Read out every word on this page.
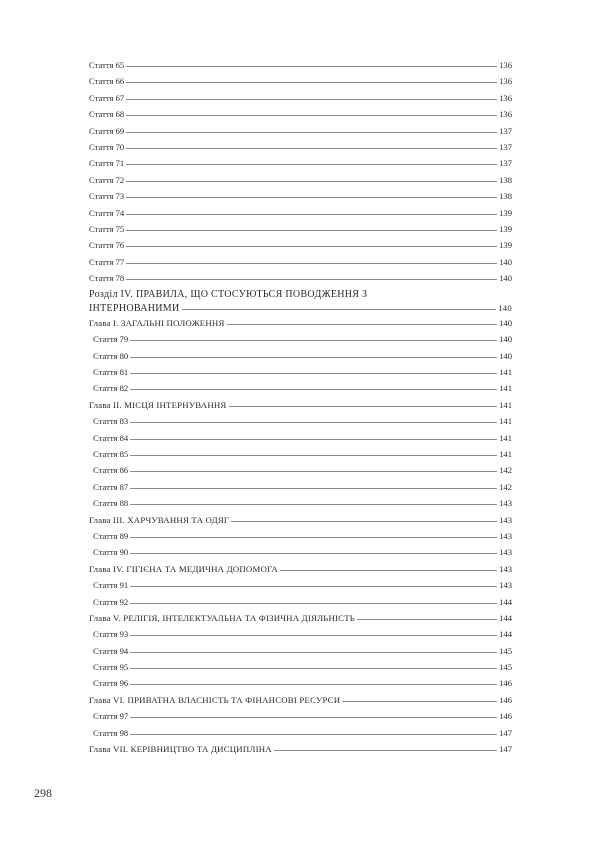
Стаття 65	136
Стаття 66	136
Стаття 67	136
Стаття 68	136
Стаття 69	137
Стаття 70	137
Стаття 71	137
Стаття 72	138
Стаття 73	138
Стаття 74	139
Стаття 75	139
Стаття 76	139
Стаття 77	140
Стаття 78	140
Розділ IV. ПРАВИЛА, ЩО СТОСУЮТЬСЯ ПОВОДЖЕННЯ З
ІНТЕРНОВАНИМИ	140
Глава I. ЗАГАЛЬНІ ПОЛОЖЕННЯ	140
Стаття 79	140
Стаття 80	140
Стаття 81	141
Стаття 82	141
Глава II. МІСЦЯ ІНТЕРНУВАННЯ	141
Стаття 83	141
Стаття 84	141
Стаття 85	141
Стаття 86	142
Стаття 87	142
Стаття 88	143
Глава III. ХАРЧУВАННЯ ТА ОДЯГ	143
Стаття 89	143
Стаття 90	143
Глава IV. ГІГІЄНА ТА МЕДИЧНА ДОПОМОГА	143
Стаття 91	143
Стаття 92	144
Глава V. РЕЛІГІЯ, ІНТЕЛЕКТУАЛЬНА ТА ФІЗИЧНА ДІЯЛЬНІСТЬ	144
Стаття 93	144
Стаття 94	145
Стаття 95	145
Стаття 96	146
Глава VI. ПРИВАТНА ВЛАСНІСТЬ ТА ФІНАНСОВІ РЕСУРСИ	146
Стаття 97	146
Стаття 98	147
Глава VII. КЕРІВНИЦТВО ТА ДИСЦИПЛІНА	147
298
